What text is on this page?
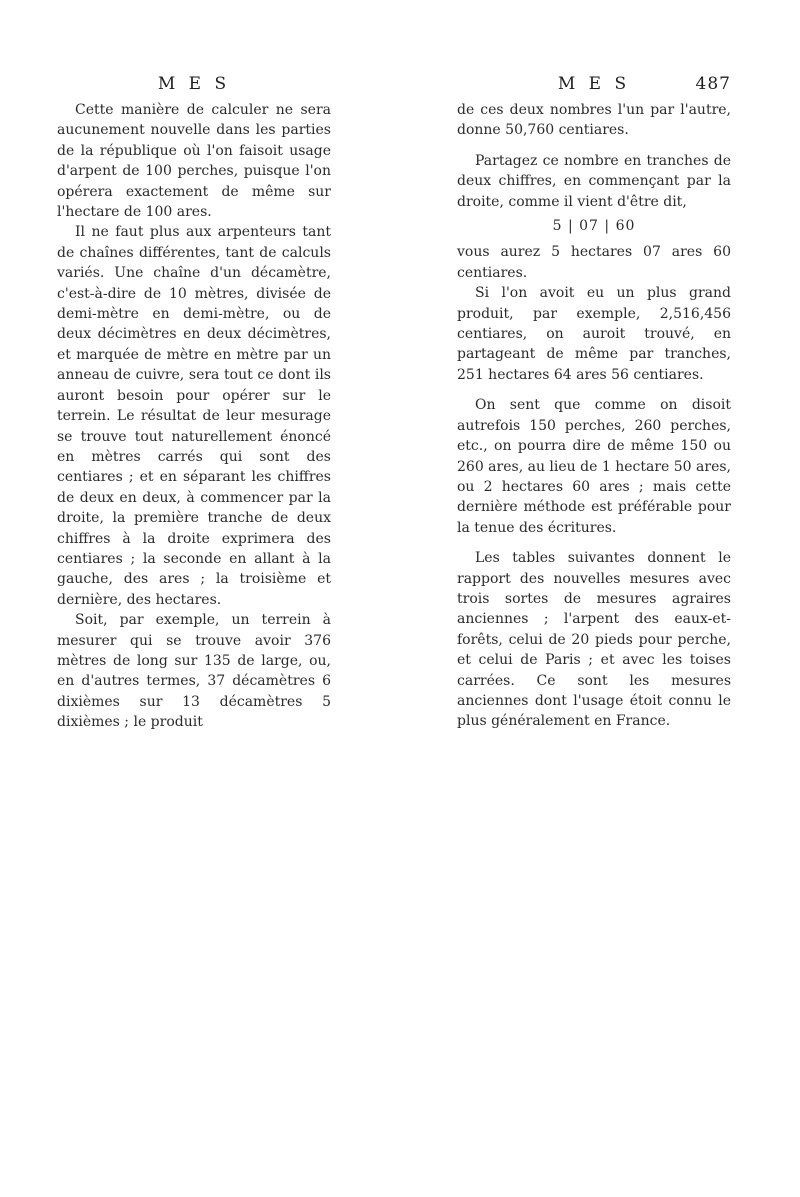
M E S

Cette manière de calculer ne sera aucunement nouvelle dans les parties de la république où l'on faisoit usage d'arpent de 100 perches, puisque l'on opérera exactement de même sur l'hectare de 100 ares.

Il ne faut plus aux arpenteurs tant de chaînes différentes, tant de calculs variés. Une chaîne d'un décamètre, c'est-à-dire de 10 mètres, divisée de demi-mètre en demi-mètre, ou de deux décimètres en deux décimètres, et marquée de mètre en mètre par un anneau de cuivre, sera tout ce dont ils auront besoin pour opérer sur le terrein. Le résultat de leur mesurage se trouve tout naturellement énoncé en mètres carrés qui sont des centiares ; et en séparant les chiffres de deux en deux, à commencer par la droite, la première tranche de deux chiffres à la droite exprimera des centiares ; la seconde en allant à la gauche, des ares ; la troisième et dernière, des hectares.

Soit, par exemple, un terrein à mesurer qui se trouve avoir 376 mètres de long sur 135 de large, ou, en d'autres termes, 37 décamètres 6 dixièmes sur 13 décamètres 5 dixièmes ; le produit

M E S	487

de ces deux nombres l'un par l'autre, donne 50,760 centiares.

Partagez ce nombre en tranches de deux chiffres, en commençant par la droite, comme il vient d'être dit,

5 | 07 | 60

vous aurez 5 hectares 07 ares 60 centiares.

Si l'on avoit eu un plus grand produit, par exemple, 2,516,456 centiares, on auroit trouvé, en partageant de même par tranches, 251 hectares 64 ares 56 centiares.

On sent que comme on disoit autrefois 150 perches, 260 perches, etc., on pourra dire de même 150 ou 260 ares, au lieu de 1 hectare 50 ares, ou 2 hectares 60 ares ; mais cette dernière méthode est préférable pour la tenue des écritures.

Les tables suivantes donnent le rapport des nouvelles mesures avec trois sortes de mesures agraires anciennes ; l'arpent des eaux-et-forêts, celui de 20 pieds pour perche, et celui de Paris ; et avec les toises carrées. Ce sont les mesures anciennes dont l'usage étoit connu le plus généralement en France.
